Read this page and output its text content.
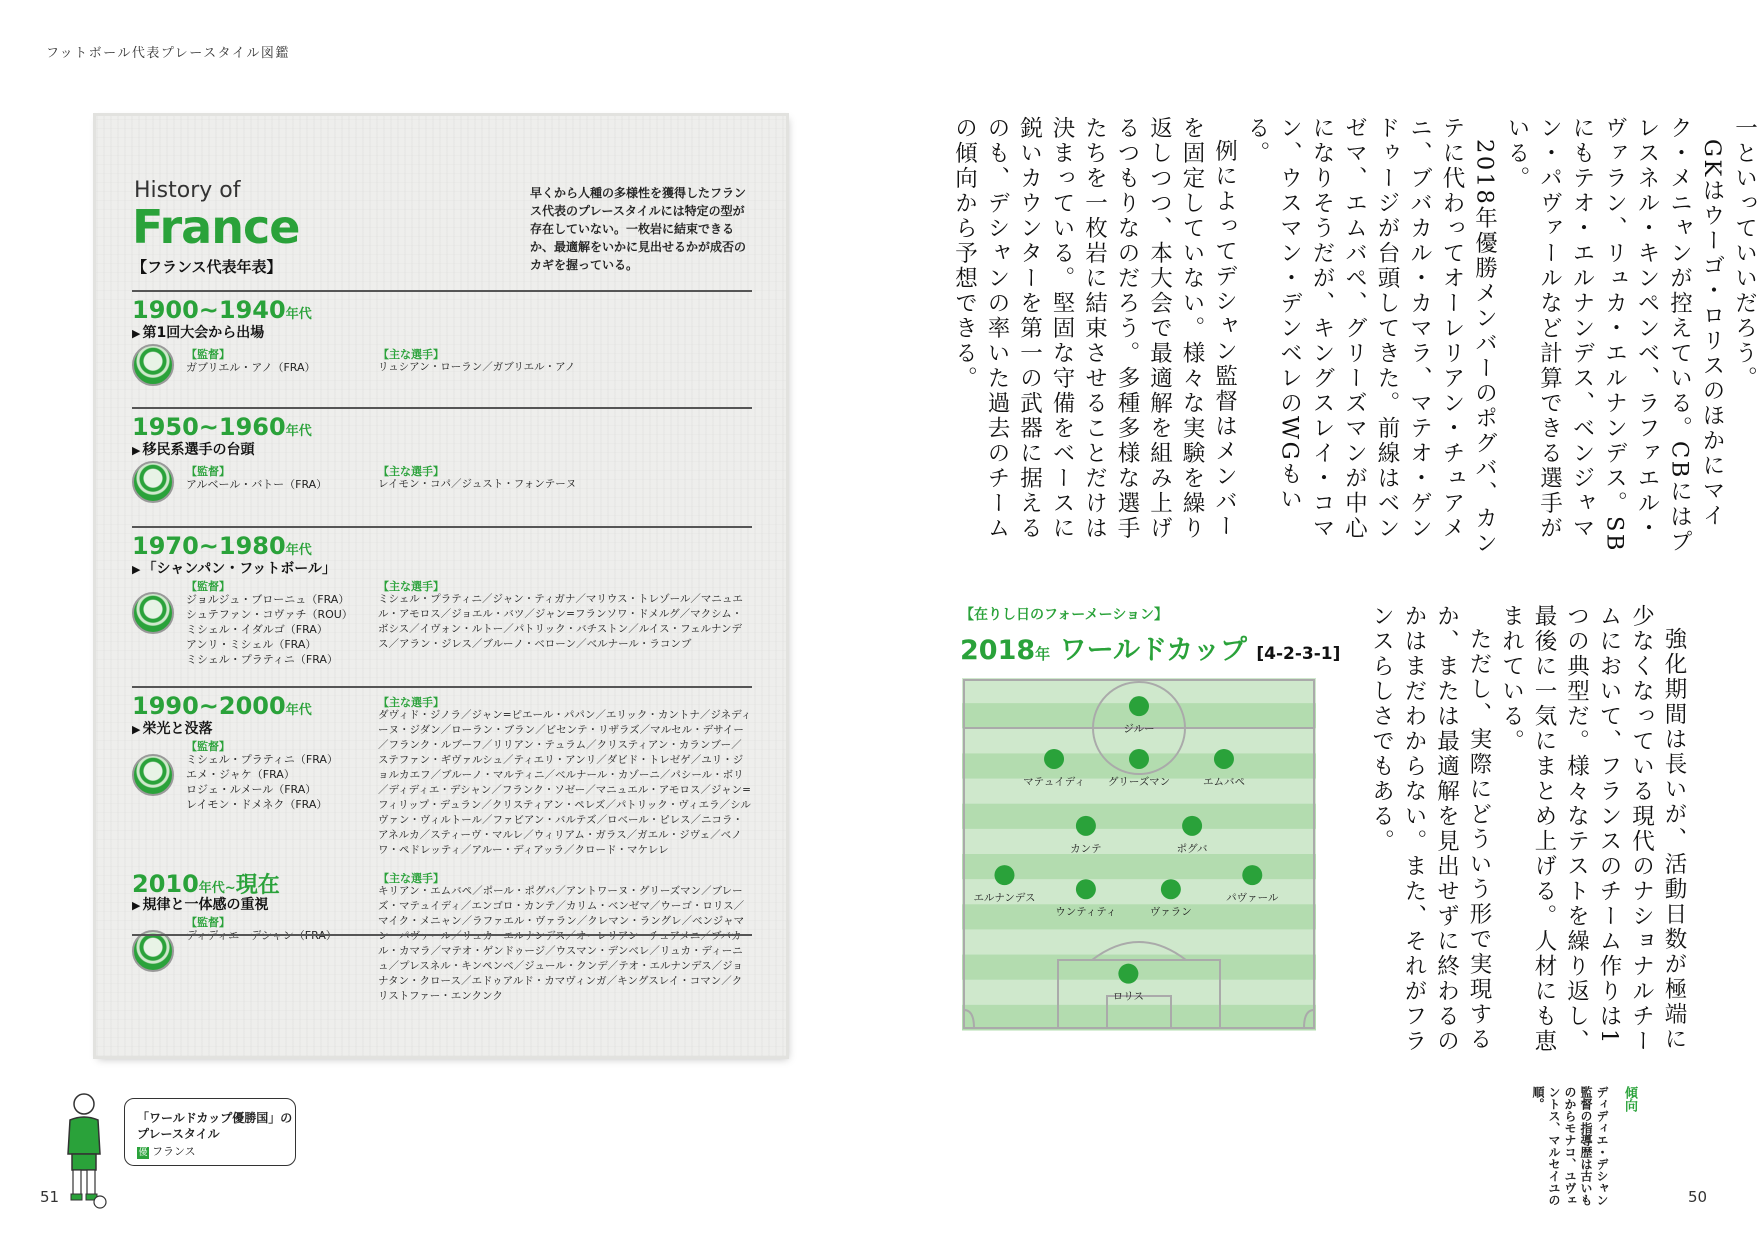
フットボール代表プレースタイル図鑑
51	50
History of
France
【フランス代表年表】
早くから人種の多様性を獲得したフランス代表のプレースタイルには特定の型が存在していない。一枚岩に結束できるか、最適解をいかに見出せるかが成否のカギを握っている。
1900~1940年代
▶ 第1回大会から出場
【監督】
ガブリエル・アノ（FRA）
【主な選手】
リュシアン・ローラン／ガブリエル・アノ
1950~1960年代
▶ 移民系選手の台頭
【監督】
アルベール・バトー（FRA）
【主な選手】
レイモン・コパ／ジュスト・フォンテーヌ
1970~1980年代
▶ 「シャンパン・フットボール」
【監督】
ジョルジュ・ブローニュ（FRA）
シュテファン・コヴァチ（ROU）
ミシェル・イダルゴ（FRA）
アンリ・ミシェル（FRA）
ミシェル・プラティニ（FRA）
【主な選手】
ミシェル・プラティニ／ジャン・ティガナ／マリウス・トレゾール／マニュエル・アモロス／ジョエル・バツ／ジャン=フランソワ・ドメルグ／マクシム・ボシス／イヴォン・ルトー／パトリック・バチストン／ルイス・フェルナンデス／アラン・ジレス／ブルーノ・ベローン／ベルナール・ラコンブ
1990~2000年代
▶ 栄光と没落
【監督】
ミシェル・プラティニ（FRA）
エメ・ジャケ（FRA）
ロジェ・ルメール（FRA）
レイモン・ドメネク（FRA）
【主な選手】
ダヴィド・ジノラ／ジャン=ピエール・パパン／エリック・カントナ／ジネディーヌ・ジダン／ローラン・ブラン／ビセンテ・リザラズ／マルセル・デサイー／フランク・ルブーフ／リリアン・テュラム／クリスティアン・カランブー／ステファン・ギヴァルシュ／ティエリ・アンリ／ダビド・トレゼゲ／ユリ・ジョルカエフ／ブルーノ・マルティニ／ベルナール・カゾーニ／パシール・ボリ／ディディエ・デシャン／フランク・ソゼー／マニュエル・アモロス／ジャン=フィリップ・デュラン／クリスティアン・ペレズ／パトリック・ヴィエラ／シルヴァン・ヴィルトール／ファビアン・バルテズ／ロベール・ピレス／ニコラ・アネルカ／スティーヴ・マルレ／ウィリアム・ガラス／ガエル・ジヴェ／ベノワ・ペドレッティ／アルー・ディアッラ／クロード・マケレレ
2010年代~現在
▶ 規律と一体感の重視
【監督】
ディディエ・デシャン（FRA）
【主な選手】
キリアン・エムバペ／ポール・ポグバ／アントワーヌ・グリーズマン／ブレーズ・マテュイディ／エンゴロ・カンテ／カリム・ベンゼマ／ウーゴ・ロリス／マイク・メニャン／ラファエル・ヴァラン／クレマン・ラングレ／ベンジャマン・パヴァール／リュカ・エルナンデス／オーレリアン・チュアメニ／ブバカル・カマラ／マテオ・ゲンドゥージ／ウスマン・デンベレ／リュカ・ディーニュ／プレスネル・キンペンベ／ジュール・クンデ／テオ・エルナンデス／ジョナタン・クロース／エドゥアルド・カマヴィンガ／キングスレイ・コマン／クリストファー・エンクンク
「ワールドカップ優勝国」の
プレースタイル
優 フランス

一といっていいだろう。

GKはウーゴ・ロリスのほかにマイク・メニャンが控えている。CBにはプレスネル・キンペンベ、ラファエル・ヴァラン、リュカ・エルナンデス。SBにもテオ・エルナンデス、ベンジャマン・パヴァールなど計算できる選手がいる。

2018年優勝メンバーのポグバ、カンテに代わってオーレリアン・チュアメニ、ブバカル・カマラ、マテオ・ゲンドゥージが台頭してきた。前線はベンゼマ、エムバペ、グリーズマンが中心になりそうだが、キングスレイ・コマン、ウスマン・デンベレのWGもいる。

例によってデシャン監督はメンバーを固定していない。様々な実験を繰り返しつつ、本大会で最適解を組み上げるつもりなのだろう。多種多様な選手たちを一枚岩に結束させることだけは決まっている。堅固な守備をベースに鋭いカウンターを第一の武器に据えるのも、デシャンの率いた過去のチームの傾向から予想できる。

強化期間は長いが、活動日数が極端に少なくなっている現代のナショナルチームにおいて、フランスのチーム作りは1つの典型だ。様々なテストを繰り返し、最後に一気にまとめ上げる。人材にも恵まれている。

ただし、実際にどういう形で実現するか、または最適解を見出せずに終わるのかはまだわからない。また、それがフランスらしさでもある。

傾向
ディディエ・デシャン監督の指導歴は古いものからモナコ、ユヴェントス、マルセイユの順。
【在りし日のフォーメーション】
2018年 ワールドカップ [4-2-3-1]
ジルー
マテュイディ グリーズマン	エムバペ
カンテ	ポグバ
エルナンデス
ウンティティ	ヴァラン
パヴァール
ロリス
